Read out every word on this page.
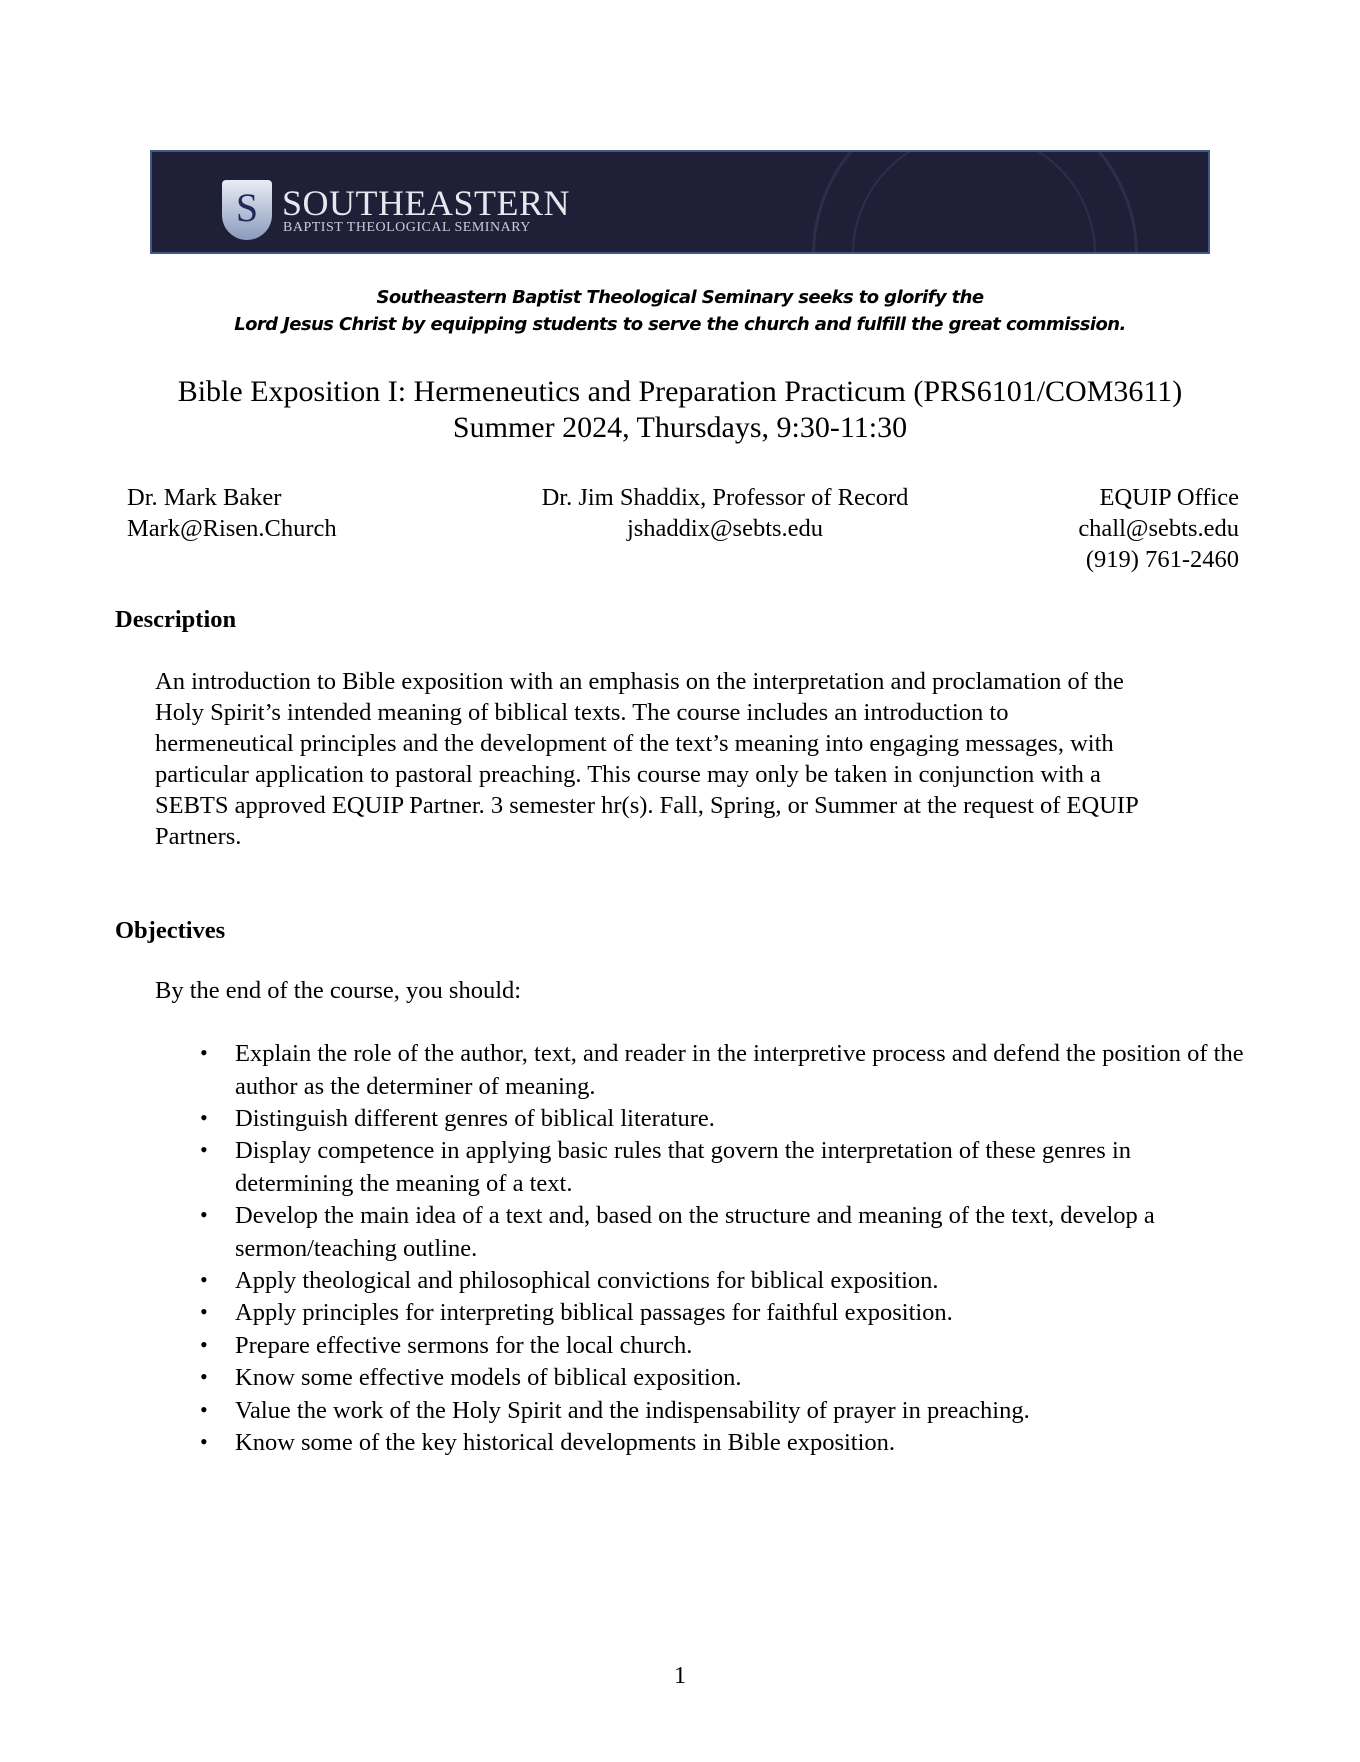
S SOUTHEASTERN
BAPTIST THEOLOGICAL SEMINARY
Southeastern Baptist Theological Seminary seeks to glorify the
Lord Jesus Christ by equipping students to serve the church and fulfill the great commission.
Bible Exposition I: Hermeneutics and Preparation Practicum (PRS6101/COM3611)
Summer 2024, Thursdays, 9:30-11:30
Dr. Mark Baker
Mark@Risen.Church
Dr. Jim Shaddix, Professor of Record
jshaddix@sebts.edu
EQUIP Office
chall@sebts.edu
(919) 761-2460
Description
An introduction to Bible exposition with an emphasis on the interpretation and proclamation of the
Holy Spirit’s intended meaning of biblical texts. The course includes an introduction to
hermeneutical principles and the development of the text’s meaning into engaging messages, with
particular application to pastoral preaching. This course may only be taken in conjunction with a
SEBTS approved EQUIP Partner. 3 semester hr(s). Fall, Spring, or Summer at the request of EQUIP
Partners.
Objectives
By the end of the course, you should:
• Explain the role of the author, text, and reader in the interpretive process and defend the position of the author as the determiner of meaning.
• Distinguish different genres of biblical literature.
• Display competence in applying basic rules that govern the interpretation of these genres in determining the meaning of a text.
• Develop the main idea of a text and, based on the structure and meaning of the text, develop a sermon/teaching outline.
• Apply theological and philosophical convictions for biblical exposition.
• Apply principles for interpreting biblical passages for faithful exposition.
• Prepare effective sermons for the local church.
• Know some effective models of biblical exposition.
• Value the work of the Holy Spirit and the indispensability of prayer in preaching.
• Know some of the key historical developments in Bible exposition.
1
